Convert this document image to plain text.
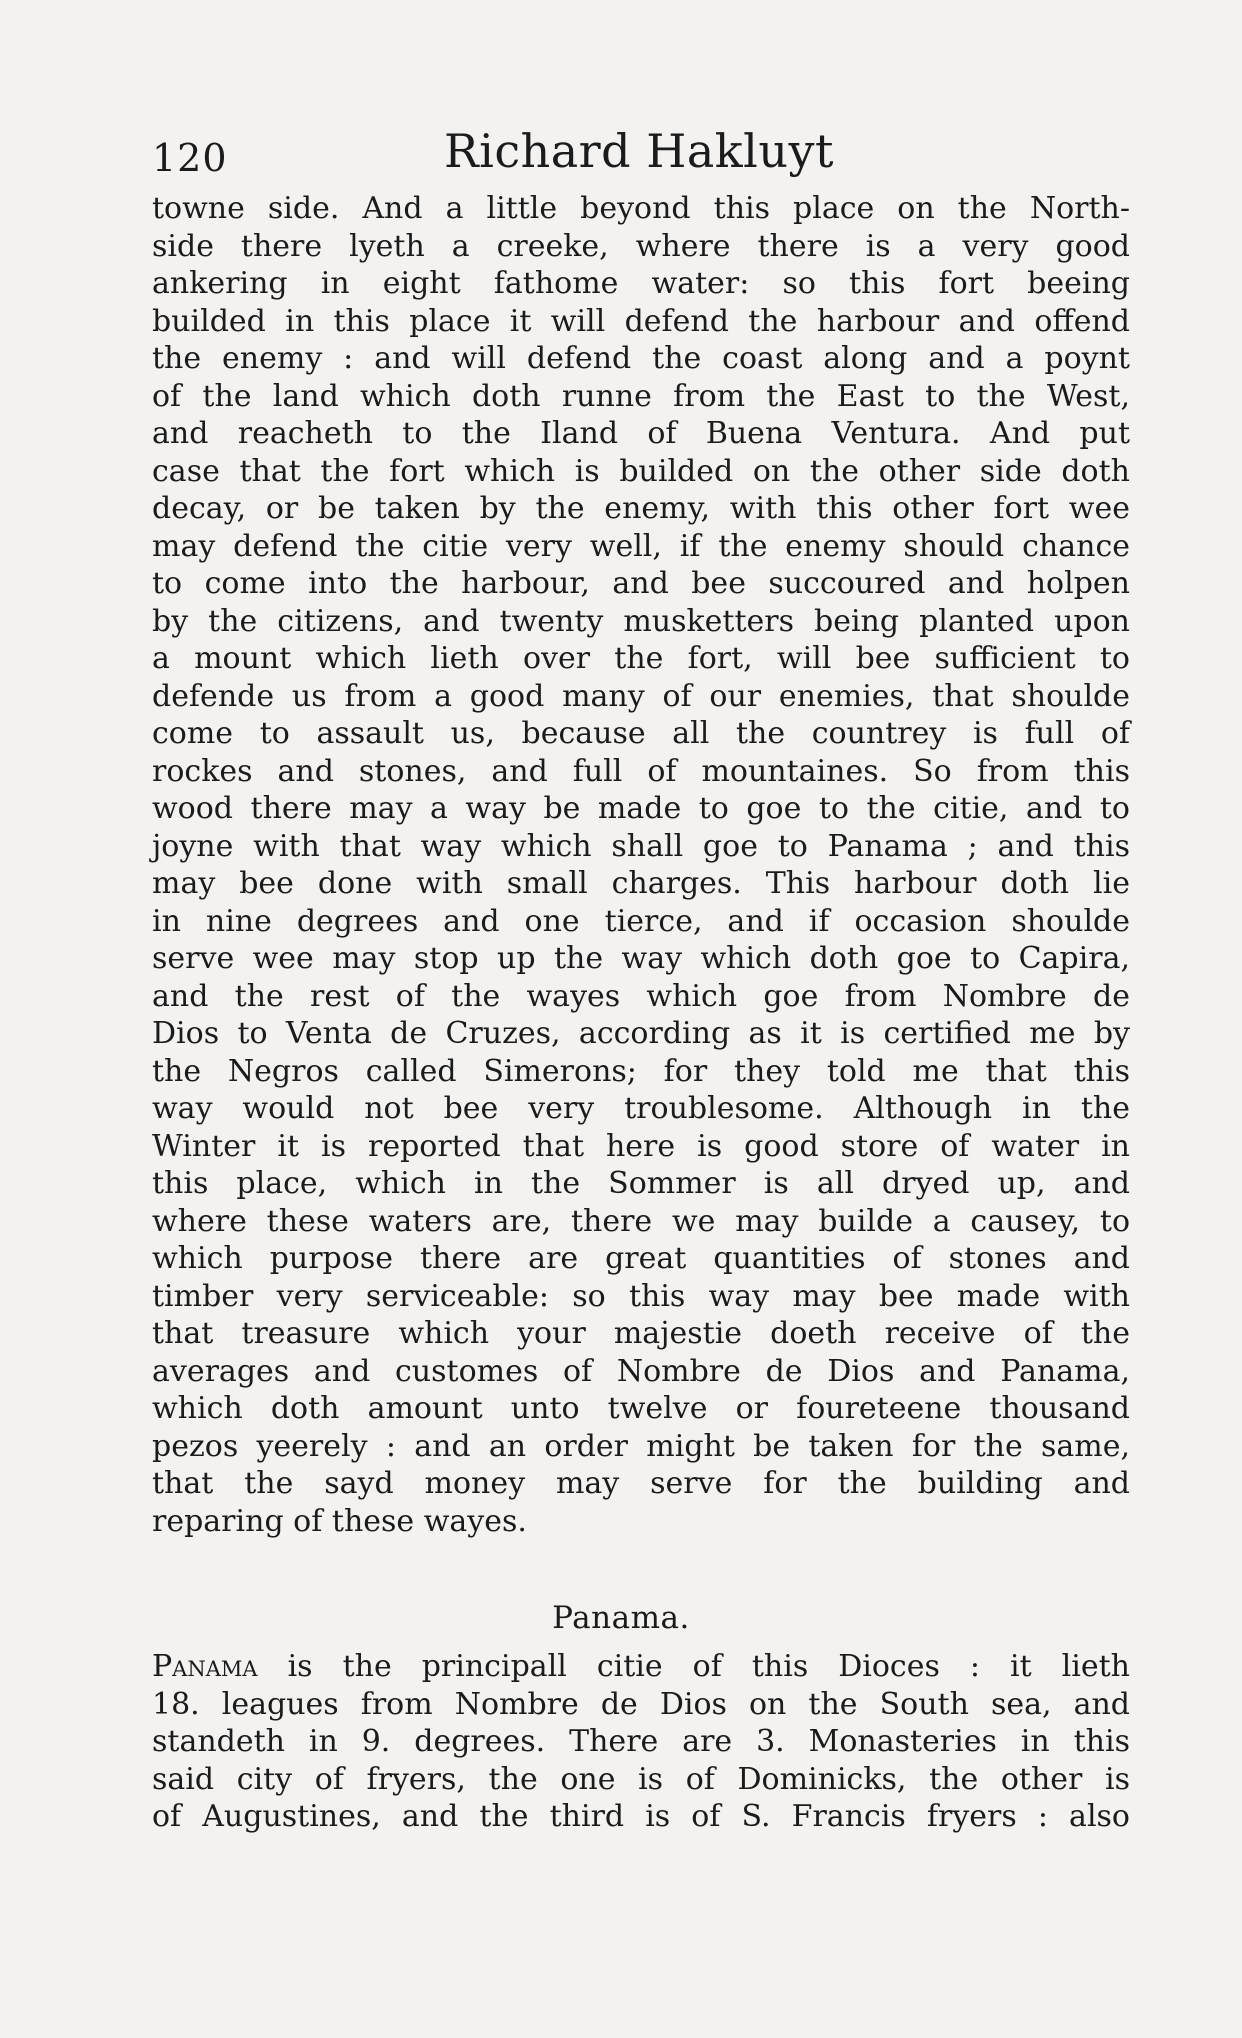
120	Richard Hakluyt
towne side. And a little beyond this place on the North-
side there lyeth a creeke, where there is a very good
ankering in eight fathome water: so this fort beeing
builded in this place it will defend the harbour and offend
the enemy : and will defend the coast along and a poynt
of the land which doth runne from the East to the West,
and reacheth to the Iland of Buena Ventura. And put
case that the fort which is builded on the other side doth
decay, or be taken by the enemy, with this other fort wee
may defend the citie very well, if the enemy should chance
to come into the harbour, and bee succoured and holpen
by the citizens, and twenty musketters being planted upon
a mount which lieth over the fort, will bee sufficient to
defende us from a good many of our enemies, that shoulde
come to assault us, because all the countrey is full of
rockes and stones, and full of mountaines. So from this
wood there may a way be made to goe to the citie, and to
joyne with that way which shall goe to Panama ; and this
may bee done with small charges. This harbour doth lie
in nine degrees and one tierce, and if occasion shoulde
serve wee may stop up the way which doth goe to Capira,
and the rest of the wayes which goe from Nombre de
Dios to Venta de Cruzes, according as it is certified me by
the Negros called Simerons; for they told me that this
way would not bee very troublesome. Although in the
Winter it is reported that here is good store of water in
this place, which in the Sommer is all dryed up, and
where these waters are, there we may builde a causey, to
which purpose there are great quantities of stones and
timber very serviceable: so this way may bee made with
that treasure which your majestie doeth receive of the
averages and customes of Nombre de Dios and Panama,
which doth amount unto twelve or foureteene thousand
pezos yeerely : and an order might be taken for the same,
that the sayd money may serve for the building and
reparing of these wayes.
Panama.
Panama is the principall citie of this Dioces : it lieth
18. leagues from Nombre de Dios on the South sea, and
standeth in 9. degrees. There are 3. Monasteries in this
said city of fryers, the one is of Dominicks, the other is
of Augustines, and the third is of S. Francis fryers : also
